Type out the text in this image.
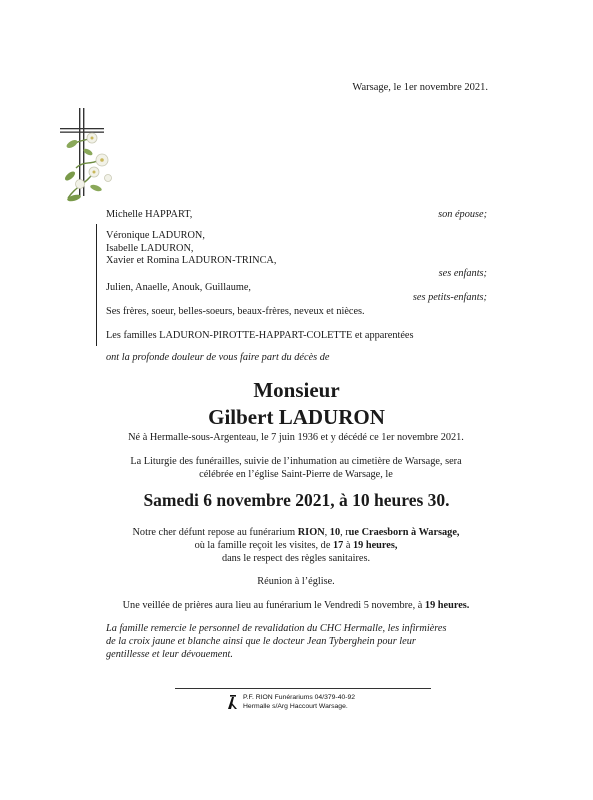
Warsage, le 1er novembre 2021.
Michelle HAPPART,	son épouse;
Véronique LADURON,
Isabelle LADURON,
Xavier et Romina LADURON-TRINCA,
ses enfants;
Julien, Anaelle, Anouk, Guillaume,
ses petits-enfants;
Ses frères, soeur, belles-soeurs, beaux-frères, neveux et nièces.
Les familles LADURON-PIROTTE-HAPPART-COLETTE et apparentées
ont la profonde douleur de vous faire part du décès de
Monsieur
Gilbert LADURON
Né à Hermalle-sous-Argenteau, le 7 juin 1936 et y décédé ce 1er novembre 2021.
La Liturgie des funérailles, suivie de l’inhumation au cimetière de Warsage, sera
célébrée en l’église Saint-Pierre de Warsage, le
Samedi 6 novembre 2021, à 10 heures 30.
Notre cher défunt repose au funérarium RION, 10, rue Craesborn à Warsage,
où la famille reçoit les visites, de 17 à 19 heures,
dans le respect des règles sanitaires.
Réunion à l’église.
Une veillée de prières aura lieu au funérarium le Vendredi 5 novembre, à 19 heures.
La famille remercie le personnel de revalidation du CHC Hermalle, les infirmières
de la croix jaune et blanche ainsi que le docteur Jean Tyberghein pour leur
gentillesse et leur dévouement.
P.F. RION Funérariums 04/379-40-92
Hermalle s/Arg Haccourt Warsage.
